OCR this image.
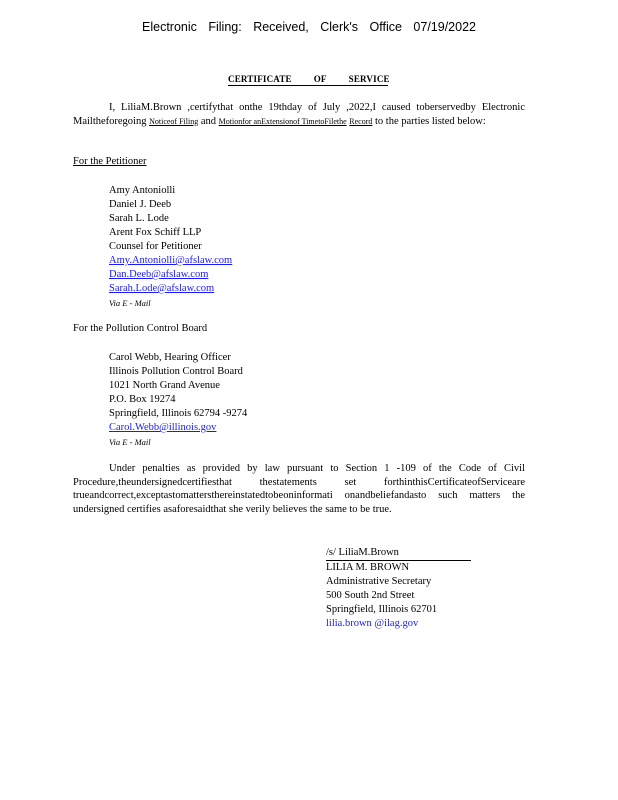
Electronic Filing: Received, Clerk's Office 07/19/2022
CERTIFICATE OF SERVICE
I, LiliaM.Brown ,certifythat onthe 19thday of July ,2022,I caused toberservedby Electronic Mailtheforegoing Noticeof Filing and Motionfor anExtensionof TimetoFilethe Record to the parties listed below:
For the Petitioner
Amy Antoniolli
Daniel J. Deeb
Sarah L. Lode
Arent Fox Schiff LLP
Counsel for Petitioner
Amy.Antoniolli@afslaw.com
Dan.Deeb@afslaw.com
Sarah.Lode@afslaw.com
Via E - Mail
For the Pollution Control Board
Carol Webb, Hearing Officer
Illinois Pollution Control Board
1021 North Grand Avenue
P.O. Box 19274
Springfield, Illinois 62794 -9274
Carol.Webb@illinois.gov
Via E - Mail
Under penalties as provided by law pursuant to Section 1 -109 of the Code of Civil Procedure,theundersignedcertifiesthat thestatements set forthinthisCertificateofServiceare trueandcorrect,exceptastomattersthereinstatedtobeoninformati onandbeliefandasto such matters the undersigned certifies asaforesaidthat she verily believes the same to be true.
/s/ LiliaM.Brown
LILIA M. BROWN
Administrative Secretary
500 South 2nd Street
Springfield, Illinois 62701
lilia.brown @ilag.gov
